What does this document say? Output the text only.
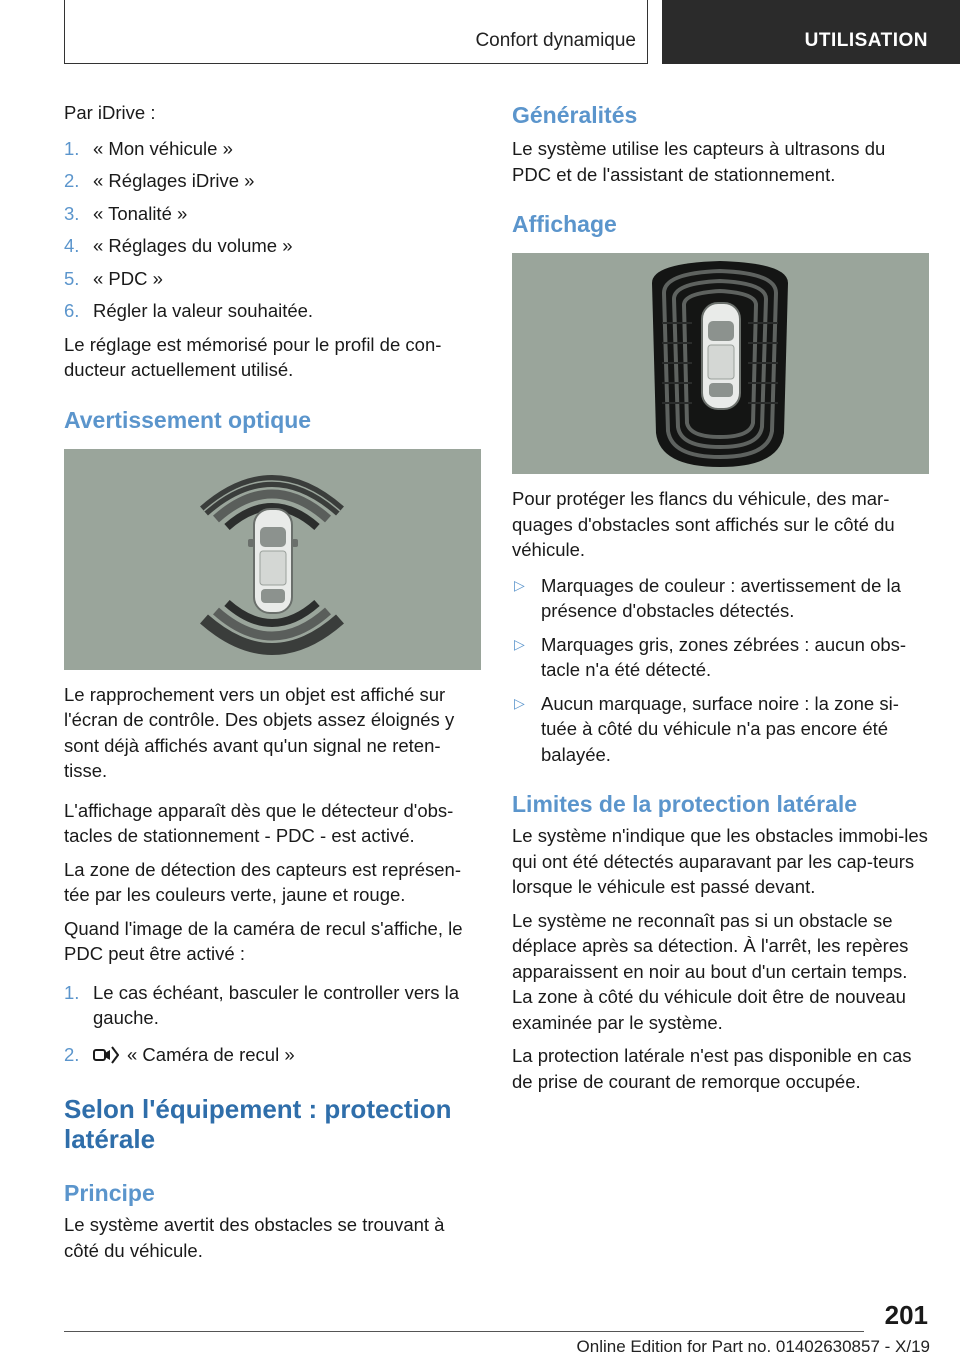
Confort dynamique	UTILISATION

Par iDrive :

1. « Mon véhicule »
2. « Réglages iDrive »
3. « Tonalité »
4. « Réglages du volume »
5. « PDC »
6. Régler la valeur souhaitée.

Le réglage est mémorisé pour le profil de con-ducteur actuellement utilisé.

Avertissement optique

Le rapprochement vers un objet est affiché sur l'écran de contrôle. Des objets assez éloignés y sont déjà affichés avant qu'un signal ne reten-tisse.

L'affichage apparaît dès que le détecteur d'obs-tacles de stationnement - PDC - est activé.

La zone de détection des capteurs est représen-tée par les couleurs verte, jaune et rouge.

Quand l'image de la caméra de recul s'affiche, le PDC peut être activé :

1. Le cas échéant, basculer le controller vers la gauche.
2.	« Caméra de recul »
Selon l'équipement : protection latérale
Principe

Le système avertit des obstacles se trouvant à côté du véhicule.

Généralités

Le système utilise les capteurs à ultrasons du PDC et de l'assistant de stationnement.

Affichage

Pour protéger les flancs du véhicule, des mar-quages d'obstacles sont affichés sur le côté du véhicule.

▷ Marquages de couleur : avertissement de la présence d'obstacles détectés.
▷ Marquages gris, zones zébrées : aucun obs-tacle n'a été détecté.
▷ Aucun marquage, surface noire : la zone si-tuée à côté du véhicule n'a pas encore été balayée.
Limites de la protection latérale

Le système n'indique que les obstacles immobi-les qui ont été détectés auparavant par les cap-teurs lorsque le véhicule est passé devant.

Le système ne reconnaît pas si un obstacle se déplace après sa détection. À l'arrêt, les repères apparaissent en noir au bout d'un certain temps. La zone à côté du véhicule doit être de nouveau examinée par le système.

La protection latérale n'est pas disponible en cas de prise de courant de remorque occupée.

201
Online Edition for Part no. 01402630857 - X/19
